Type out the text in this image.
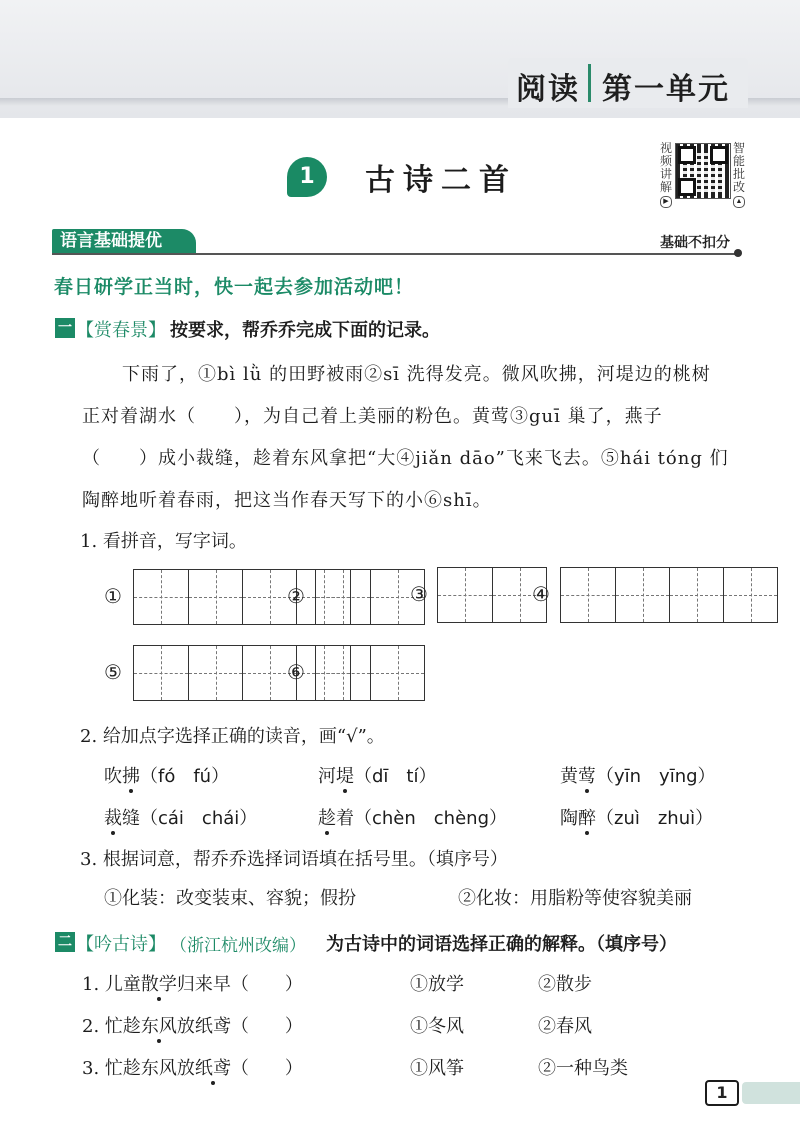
阅读 第一单元
1	古诗二首
视频讲解
▶
智能批改
▲
语言基础提优	基础不扣分
春日研学正当时，快一起去参加活动吧！
一 【赏春景】 按要求，帮乔乔完成下面的记录。
下雨了，①bì lǜ 的田野被雨②sī 洗得发亮。微风吹拂，河堤边的桃树
正对着湖水（　　），为自己着上美丽的粉色。黄莺③guī 巢了，燕子
（　　）成小裁缝，趁着东风拿把“大④jiǎn dāo”飞来飞去。⑤hái tóng 们
陶醉地听着春雨，把这当作春天写下的小⑥shī。
1. 看拼音，写字词。
①	②	③	④
⑤	⑥
2. 给加点字选择正确的读音，画“√”。
吹拂（fó　fú）	河堤（dī　tí）	黄莺（yīn　yīng）
裁缝（cái　chái）	趁着（chèn　chèng）	陶醉（zuì　zhuì）
3. 根据词意，帮乔乔选择词语填在括号里。（填序号）
①化装：改变装束、容貌；假扮	②化妆：用脂粉等使容貌美丽
二 【吟古诗】 （浙江杭州改编） 为古诗中的词语选择正确的解释。（填序号）
1. 儿童散学归来早（　　）	①放学	②散步
2. 忙趁东风放纸鸢（　　）	①冬风	②春风
3. 忙趁东风放纸鸢（　　）	①风筝	②一种鸟类
1
